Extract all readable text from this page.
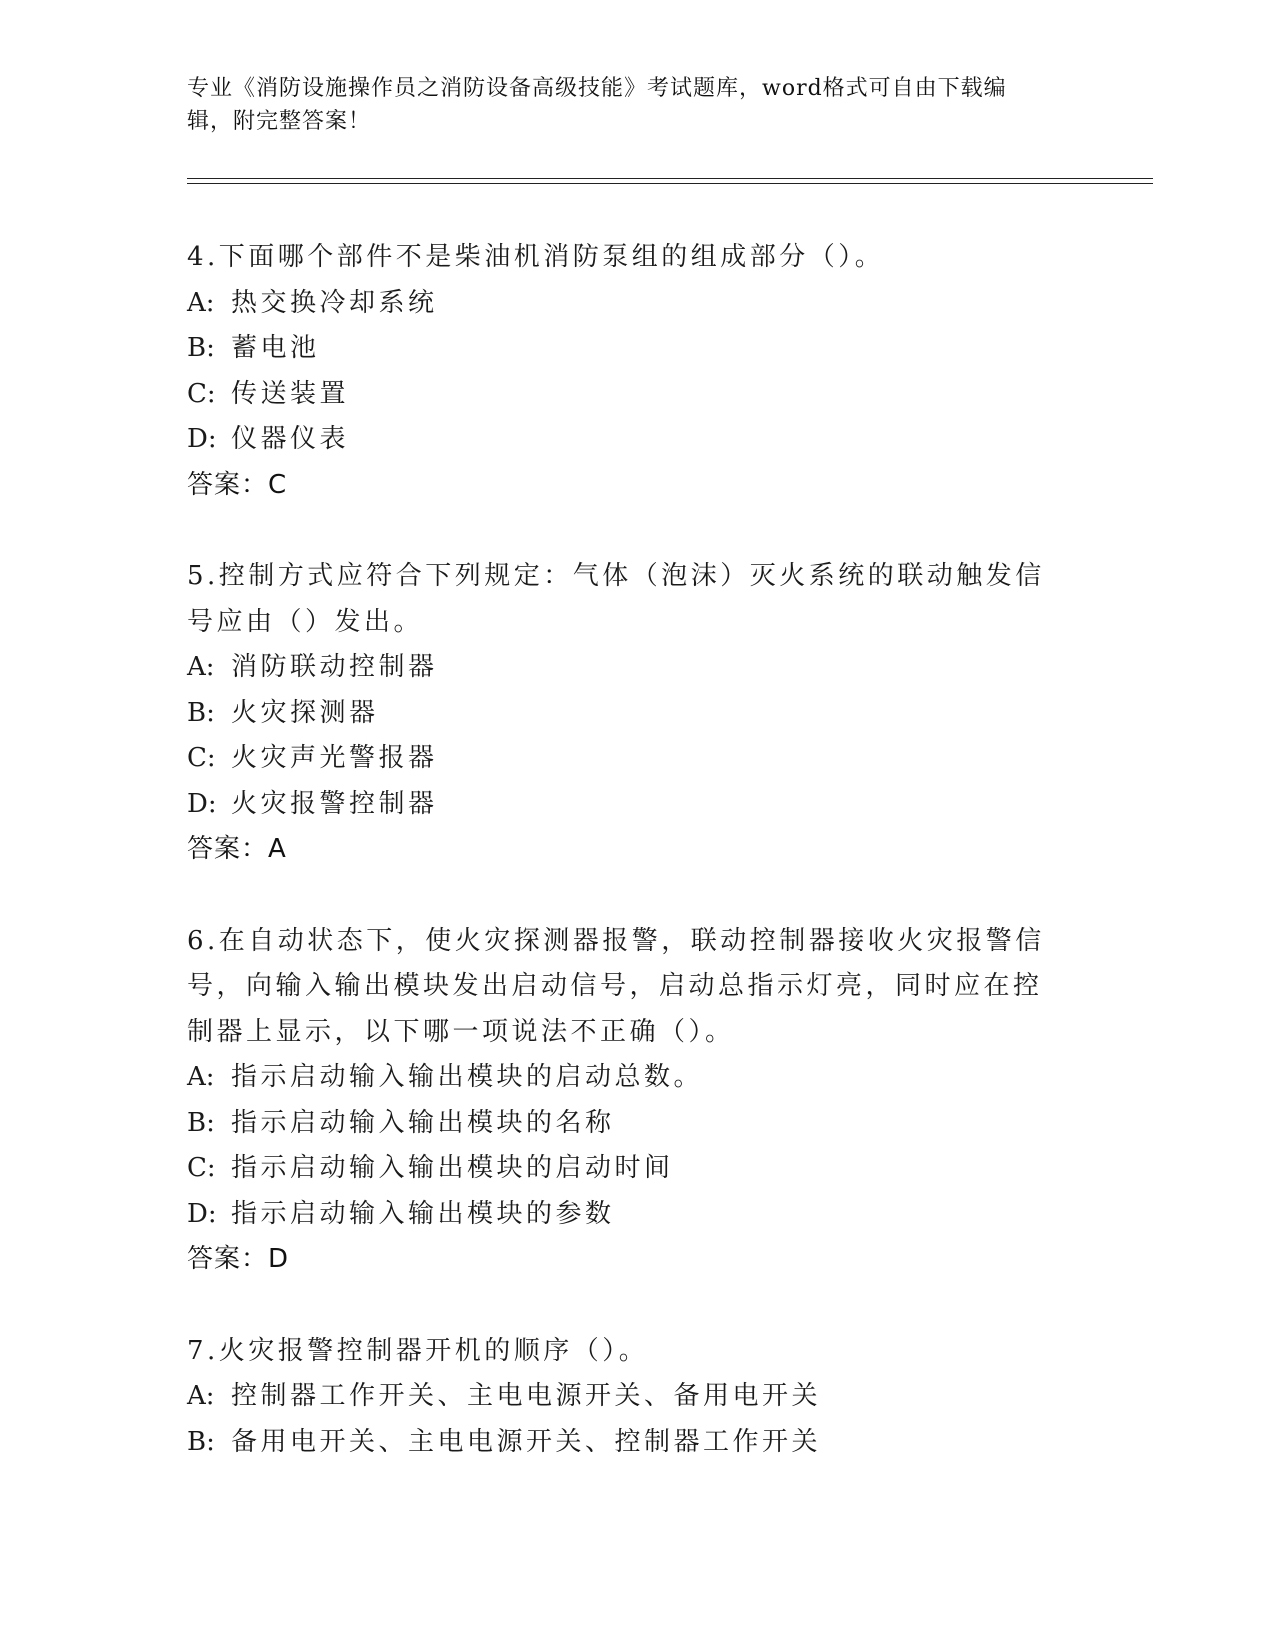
专业《消防设施操作员之消防设备高级技能》考试题库，word格式可自由下载编
辑，附完整答案！

4.下面哪个部件不是柴油机消防泵组的组成部分（）。

A: 热交换冷却系统

B: 蓄电池

C: 传送装置

D: 仪器仪表

答案：C

5.控制方式应符合下列规定：气体（泡沫）灭火系统的联动触发信号应由（）发出。

A: 消防联动控制器

B: 火灾探测器

C: 火灾声光警报器

D: 火灾报警控制器

答案：A

6.在自动状态下，使火灾探测器报警，联动控制器接收火灾报警信号，向输入输出模块发出启动信号，启动总指示灯亮，同时应在控制器上显示，以下哪一项说法不正确（）。

A: 指示启动输入输出模块的启动总数。

B: 指示启动输入输出模块的名称

C: 指示启动输入输出模块的启动时间

D: 指示启动输入输出模块的参数

答案：D

7.火灾报警控制器开机的顺序（）。

A: 控制器工作开关、主电电源开关、备用电开关

B: 备用电开关、主电电源开关、控制器工作开关
